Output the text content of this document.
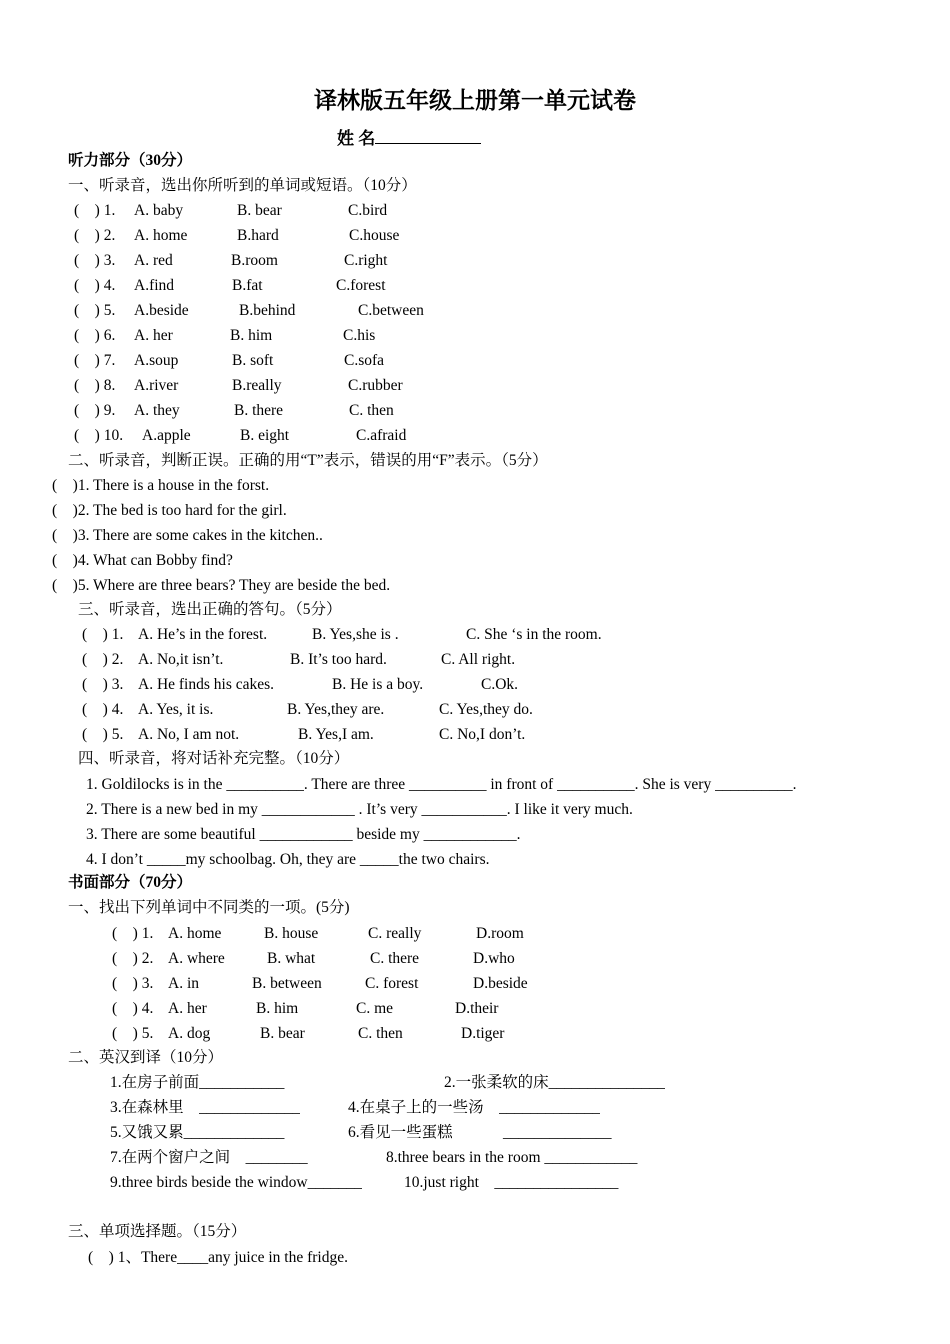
译林版五年级上册第一单元试卷
姓 名
听力部分（30分）
一、听录音，选出你所听到的单词或短语。（10分）
(    ) 1. A. baby	B. bear	C.bird
(    ) 2. A. home	B.hard	C.house
(    ) 3. A. red	B.room	C.right
(    ) 4. A.find	B.fat	C.forest
(    ) 5. A.beside	B.behind	C.between
(    ) 6. A. her	B. him	C.his
(    ) 7. A.soup	B. soft	C.sofa
(    ) 8. A.river	B.really	C.rubber
(    ) 9. A. they	B. there	C. then
(    ) 10. A.apple	B. eight	C.afraid
二、听录音，判断正误。正确的用“T”表示，错误的用“F”表示。（5分）
(    )1. There is a house in the forst.
(    )2. The bed is too hard for the girl.
(    )3. There are some cakes in the kitchen..
(    )4. What can Bobby find?
(    )5. Where are three bears? They are beside the bed.
三、听录音，选出正确的答句。（5分）
(    ) 1. A. He’s in the forest.	B. Yes,she is .	C. She ‘s in the room.
(    ) 2. A. No,it isn’t.	B. It’s too hard.	C. All right.
(    ) 3. A. He finds his cakes.	B. He is a boy.	C.Ok.
(    ) 4. A. Yes, it is.	B. Yes,they are.	C. Yes,they do.
(    ) 5. A. No, I am not.	B. Yes,I am.	C. No,I don’t.
四、听录音，将对话补充完整。（10分）
1. Goldilocks is in the __________. There are three __________ in front of __________. She is very __________.
2. There is a new bed in my ____________ . It’s very ___________. I like it very much.
3. There are some beautiful ____________ beside my ____________.
4. I don’t _____my schoolbag. Oh, they are _____the two chairs.
书面部分（70分）
一、找出下列单词中不同类的一项。(5分)
(    ) 1. A. home	B. house	C. really	D.room
(    ) 2. A. where	B. what	C. there	D.who
(    ) 3. A. in	B. between	C. forest	D.beside
(    ) 4. A. her	B. him	C. me	D.their
(    ) 5. A. dog	B. bear	C. then	D.tiger
二、英汉到译（10分）
1.在房子前面___________	2.一张柔软的床_______________
3.在森林里    _____________	4.在桌子上的一些汤    _____________
5.又饿又累_____________	6.看见一些蛋糕             ______________
7.在两个窗户之间    ________	8.three bears in the room ____________
9.three birds beside the window_______	10.just right    ________________
三、单项选择题。（15分）
(    ) 1、There____any juice in the fridge.
